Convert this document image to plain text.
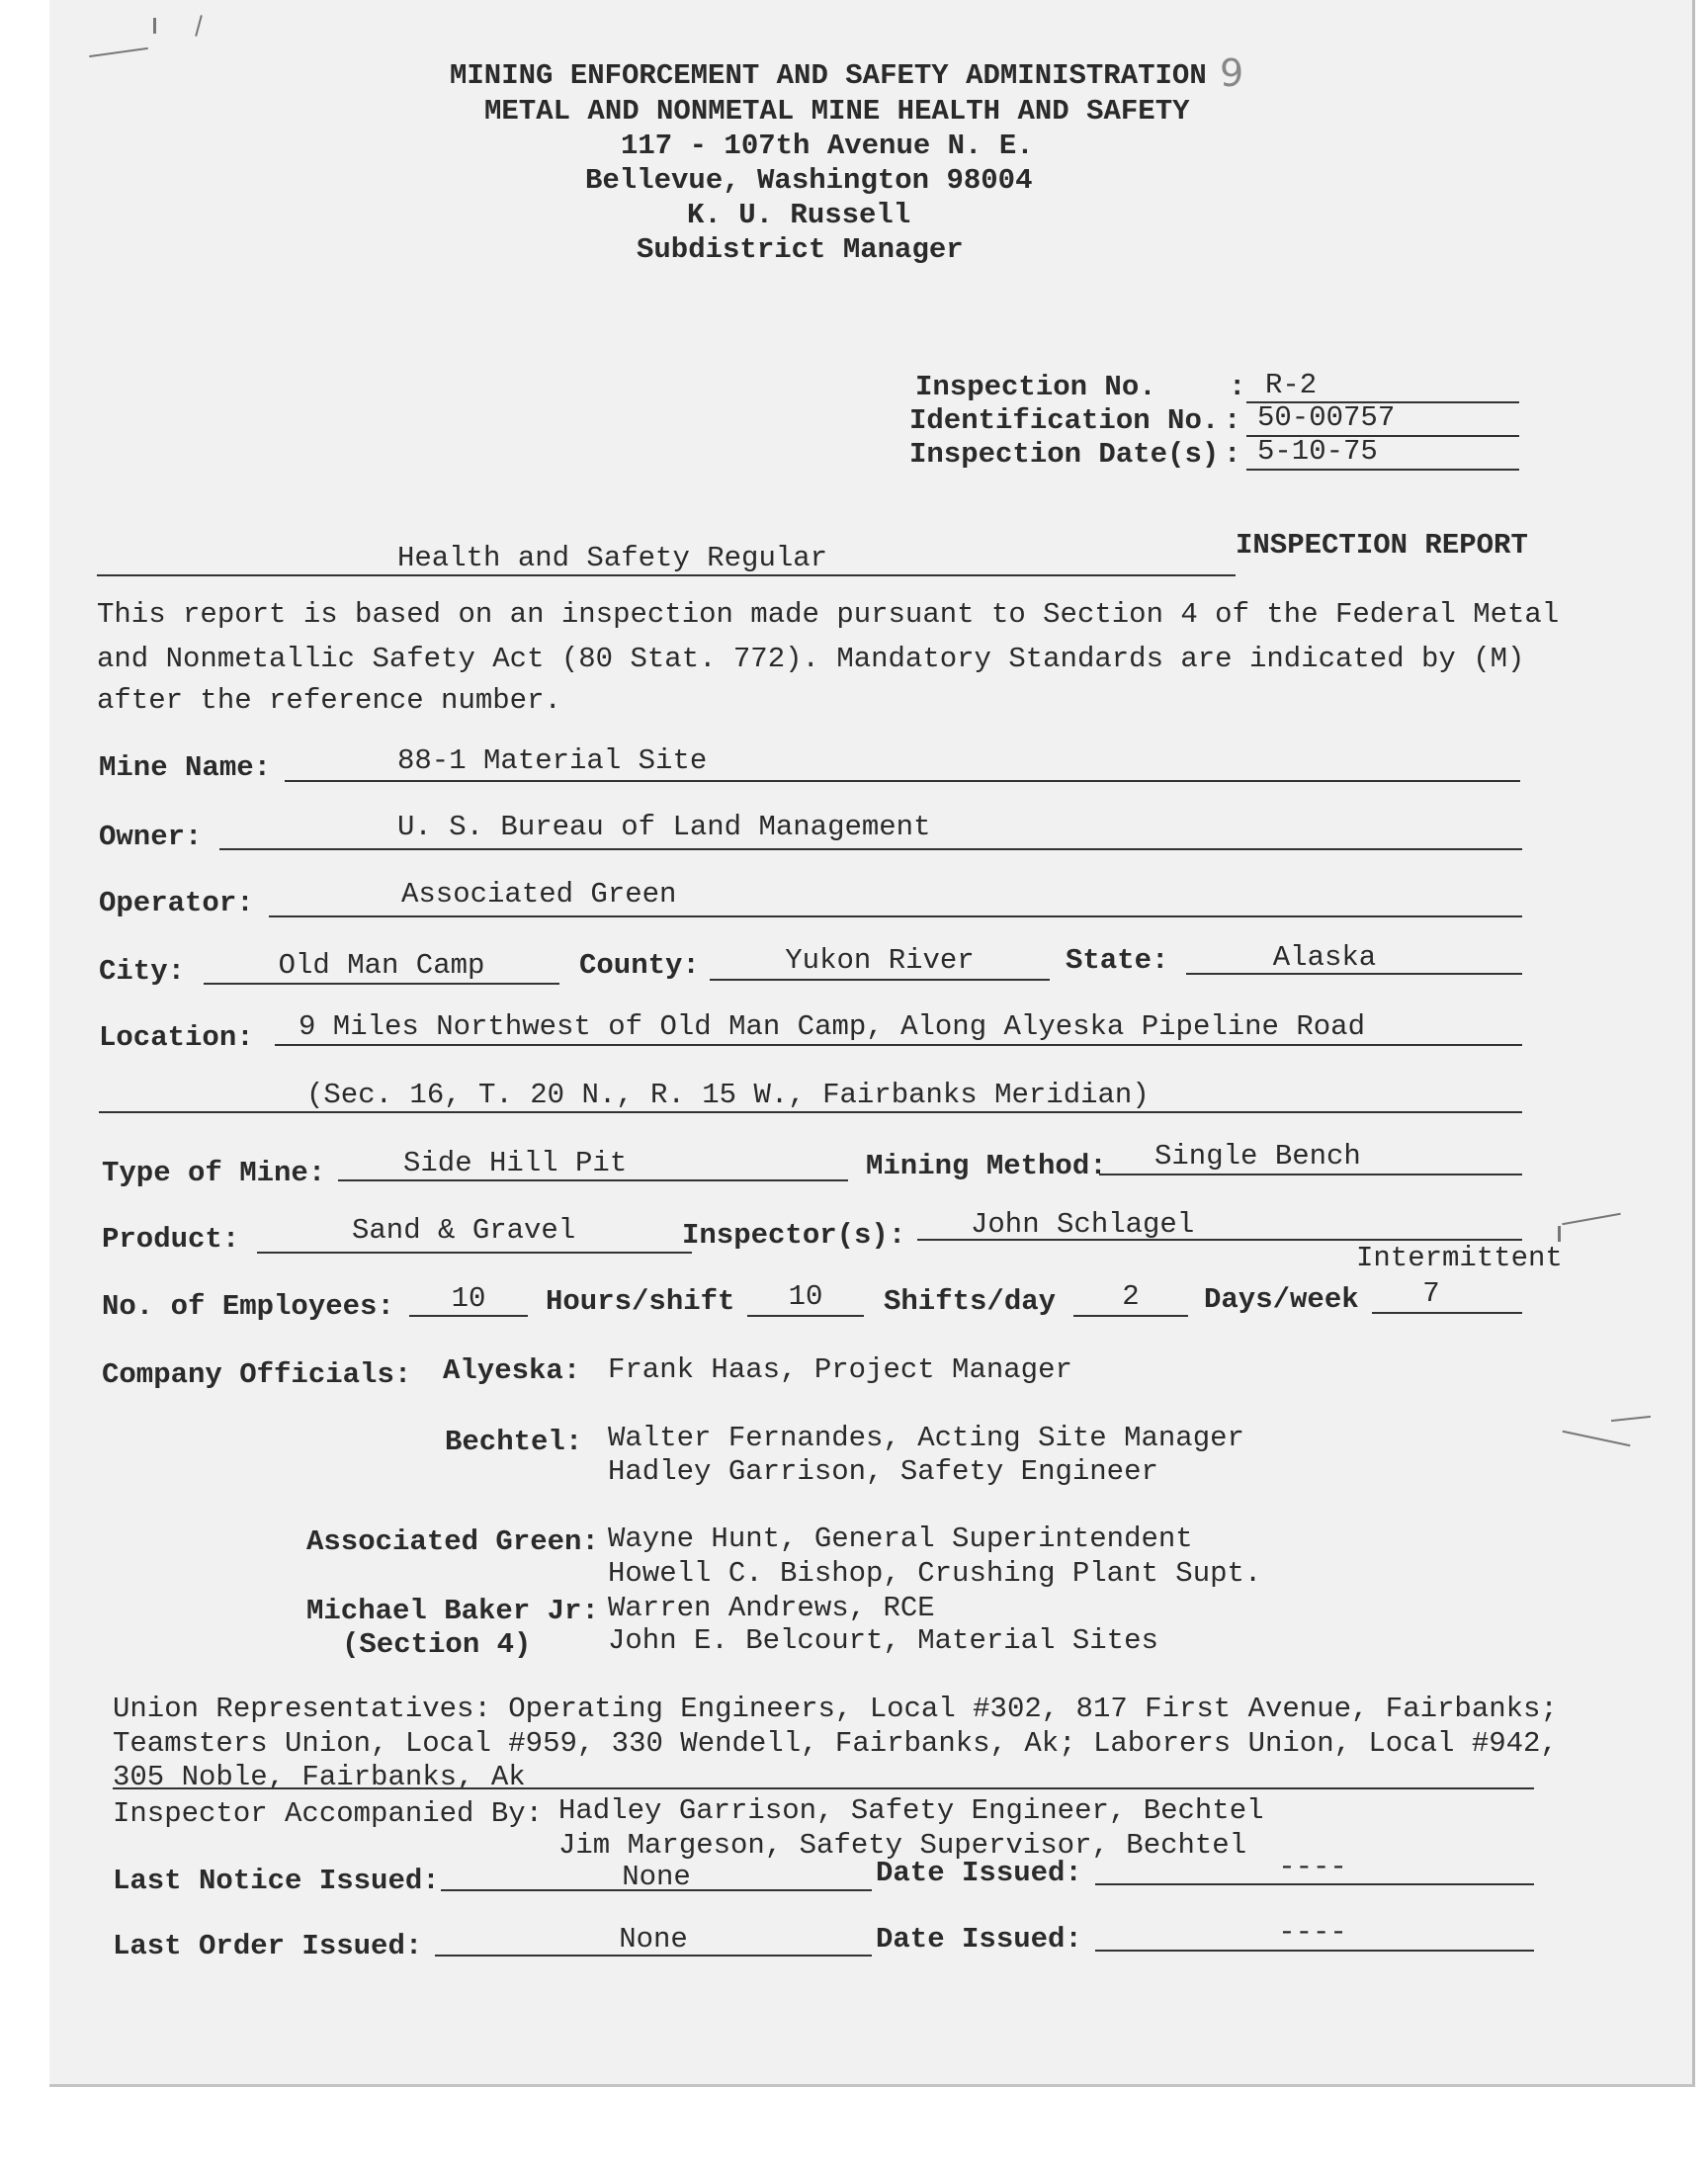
MINING ENFORCEMENT AND SAFETY ADMINISTRATION 9
METAL AND NONMETAL MINE HEALTH AND SAFETY
117 - 107th Avenue N. E.
Bellevue, Washington 98004
K. U. Russell
Subdistrict Manager
Inspection No.	: R-2
Identification No. : 50-00757
Inspection Date(s) : 5-10-75
Health and Safety Regular	INSPECTION REPORT
This report is based on an inspection made pursuant to Section 4 of the Federal Metal
and Nonmetallic Safety Act (80 Stat. 772). Mandatory Standards are indicated by (M)
after the reference number.
Mine Name:	88-1 Material Site
Owner:	U. S. Bureau of Land Management
Operator:	Associated Green
City:	Old Man Camp	County:	Yukon River	State:	Alaska
Location: 9 Miles Northwest of Old Man Camp, Along Alyeska Pipeline Road
(Sec. 16, T. 20 N., R. 15 W., Fairbanks Meridian)
Type of Mine:	Side Hill Pit	Mining Method: Single Bench
Product:	Sand & Gravel	Inspector(s): John Schlagel
Intermittent
No. of Employees:	10	Hours/shift	10	Shifts/day	2	Days/week	7
Company Officials: Alyeska: Frank Haas, Project Manager
Bechtel: Walter Fernandes, Acting Site Manager
Hadley Garrison, Safety Engineer
Associated Green: Wayne Hunt, General Superintendent
Howell C. Bishop, Crushing Plant Supt.
Michael Baker Jr: Warren Andrews, RCE
(Section 4)	John E. Belcourt, Material Sites
Union Representatives: Operating Engineers, Local #302, 817 First Avenue, Fairbanks;
Teamsters Union, Local #959, 330 Wendell, Fairbanks, Ak; Laborers Union, Local #942,
305 Noble, Fairbanks, Ak
Inspector Accompanied By: Hadley Garrison, Safety Engineer, Bechtel
Jim Margeson, Safety Supervisor, Bechtel
Last Notice Issued:	None	Date Issued:	----
Last Order Issued:	None	Date Issued:	----
